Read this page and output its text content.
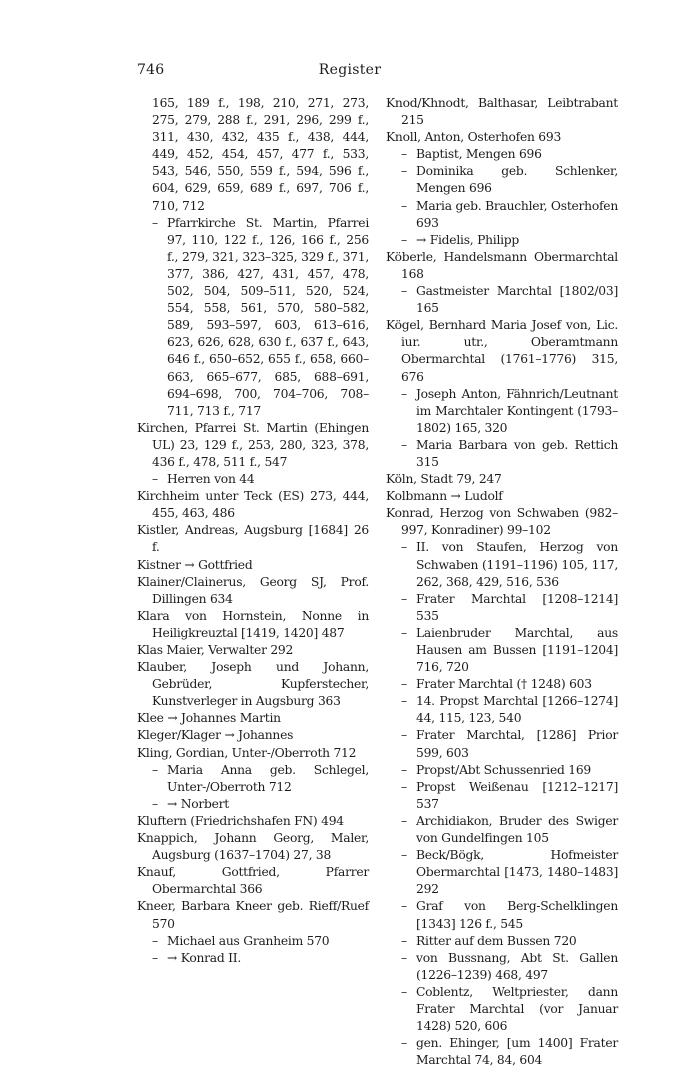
746	Register

165, 189 f., 198, 210, 271, 273, 275, 279, 288 f., 291, 296, 299 f., 311, 430, 432, 435 f., 438, 444, 449, 452, 454, 457, 477 f., 533, 543, 546, 550, 559 f., 594, 596 f., 604, 629, 659, 689 f., 697, 706 f., 710, 712

– Pfarrkirche St. Martin, Pfarrei 97, 110, 122 f., 126, 166 f., 256 f., 279, 321, 323–325, 329 f., 371, 377, 386, 427, 431, 457, 478, 502, 504, 509–511, 520, 524, 554, 558, 561, 570, 580–582, 589, 593–597, 603, 613–616, 623, 626, 628, 630 f., 637 f., 643, 646 f., 650–652, 655 f., 658, 660–663, 665–677, 685, 688–691, 694–698, 700, 704–706, 708–711, 713 f., 717

Kirchen, Pfarrei St. Martin (Ehingen UL) 23, 129 f., 253, 280, 323, 378, 436 f., 478, 511 f., 547

– Herren von 44

Kirchheim unter Teck (ES) 273, 444, 455, 463, 486

Kistler, Andreas, Augsburg [1684] 26 f.

Kistner → Gottfried

Klainer/Clainerus, Georg SJ, Prof. Dillingen 634

Klara von Hornstein, Nonne in Heiligkreuztal [1419, 1420] 487

Klas Maier, Verwalter 292

Klauber, Joseph und Johann, Gebrüder, Kupferstecher, Kunstverleger in Augsburg 363

Klee → Johannes Martin

Kleger/Klager → Johannes

Kling, Gordian, Unter-/Oberroth 712

– Maria Anna geb. Schlegel, Unter-/Oberroth 712

– → Norbert

Kluftern (Friedrichshafen FN) 494

Knappich, Johann Georg, Maler, Augsburg (1637–1704) 27, 38

Knauf, Gottfried, Pfarrer Obermarchtal 366

Kneer, Barbara Kneer geb. Rieff/Ruef 570

– Michael aus Granheim 570

– → Konrad II.

Knod/Khnodt, Balthasar, Leibtrabant 215

Knoll, Anton, Osterhofen 693

– Baptist, Mengen 696

– Dominika geb. Schlenker, Mengen 696

– Maria geb. Brauchler, Osterhofen 693

– → Fidelis, Philipp

Köberle, Handelsmann Obermarchtal 168

– Gastmeister Marchtal [1802/03] 165

Kögel, Bernhard Maria Josef von, Lic. iur. utr., Oberamtmann Obermarchtal (1761–1776) 315, 676

– Joseph Anton, Fähnrich/Leutnant im Marchtaler Kontingent (1793–1802) 165, 320

– Maria Barbara von geb. Rettich 315

Köln, Stadt 79, 247

Kolbmann → Ludolf

Konrad, Herzog von Schwaben (982–997, Konradiner) 99–102

– II. von Staufen, Herzog von Schwaben (1191–1196) 105, 117, 262, 368, 429, 516, 536

– Frater Marchtal [1208–1214] 535

– Laienbruder Marchtal, aus Hausen am Bussen [1191–1204] 716, 720

– Frater Marchtal († 1248) 603

– 14. Propst Marchtal [1266–1274] 44, 115, 123, 540

– Frater Marchtal, [1286] Prior 599, 603

– Propst/Abt Schussenried 169

– Propst Weißenau [1212–1217] 537

– Archidiakon, Bruder des Swiger von Gundelfingen 105

– Beck/Bögk, Hofmeister Obermarchtal [1473, 1480–1483] 292

– Graf von Berg-Schelklingen [1343] 126 f., 545

– Ritter auf dem Bussen 720

– von Bussnang, Abt St. Gallen (1226–1239) 468, 497

– Coblentz, Weltpriester, dann Frater Marchtal (vor Januar 1428) 520, 606

– gen. Ehinger, [um 1400] Frater Marchtal 74, 84, 604
